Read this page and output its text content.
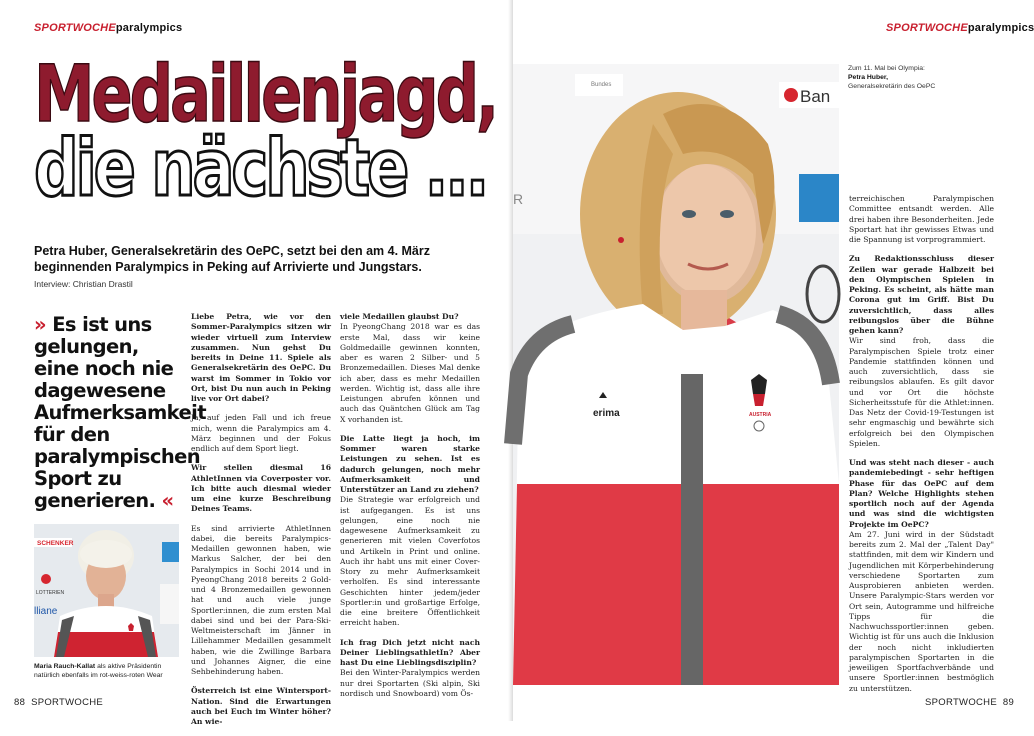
SPORTWOCHEparalympics
Medaillenjagd,
die nächste ...

Petra Huber, Generalsekretärin des OePC, setzt bei den am 4. März beginnenden Paralympics in Peking auf Arrivierte und Jungstars.

Interview: Christian Drastil

» Es ist uns gelungen, eine noch nie dagewesene Aufmerksamkeit für den paralympischen Sport zu generieren. «
SCHENKER
LOTTERIEN
lliane

Maria Rauch-Kallat als aktive Präsidentin natürlich ebenfalls im rot-weiss-roten Wear

Liebe Petra, wie vor den Sommer-Paralympics sitzen wir wieder virtuell zum Interview zusammen. Nun gehst Du bereits in Deine 11. Spiele als Generalsekretärin des OePC. Du warst im Sommer in Tokio vor Ort, bist Du nun auch in Peking live vor Ort dabei?

Ja, auf jeden Fall und ich freue mich, wenn die Paralympics am 4. März beginnen und der Fokus endlich auf dem Sport liegt.

Wir stellen diesmal 16 AthletInnen via Coverposter vor. Ich bitte auch diesmal wieder um eine kurze Beschreibung Deines Teams.

Es sind arrivierte AthletInnen dabei, die bereits Paralympics-Medaillen gewonnen haben, wie Markus Salcher, der bei den Paralympics in Sochi 2014 und in PyeongChang 2018 bereits 2 Gold- und 4 Bronzemedaillen gewonnen hat und auch viele junge Sportler:innen, die zum ersten Mal dabei sind und bei der Para-Ski-Weltmeisterschaft im Jänner in Lillehammer Medaillen gesammelt haben, wie die Zwillinge Barbara und Johannes Aigner, die eine Sehbehinderung haben.

Österreich ist eine Wintersport-Nation. Sind die Erwartungen auch bei Euch im Winter höher? An wie-

viele Medaillen glaubst Du?

In PyeongChang 2018 war es das erste Mal, dass wir keine Goldmedaille gewinnen konnten, aber es waren 2 Silber- und 5 Bronzemedaillen. Dieses Mal denke ich aber, dass es mehr Medaillen werden. Wichtig ist, dass alle ihre Leistungen abrufen können und auch das Quäntchen Glück am Tag X vorhanden ist.

Die Latte liegt ja hoch, im Sommer waren starke Leistungen zu sehen. Ist es dadurch gelungen, noch mehr Aufmerksamkeit und Unterstützer an Land zu ziehen?

Die Strategie war erfolgreich und ist aufgegangen. Es ist uns gelungen, eine noch nie dagewesene Aufmerksamkeit zu generieren mit vielen Coverfotos und Artikeln in Print und online. Auch ihr habt uns mit einer Cover-Story zu mehr Aufmerksamkeit verholfen. Es sind interessante Geschichten hinter jedem/jeder Sportler:in und großartige Erfolge, die eine breitere Öffentlichkeit erreicht haben.

Ich frag Dich jetzt nicht nach Deiner LieblingsathletIn? Aber hast Du eine Lieblingsdisziplin?

Bei den Winter-Paralympics werden nur drei Sportarten (Ski alpin, Ski nordisch und Snowboard) vom Ös-

88 SPORTWOCHE
SPORTWOCHEparalympics
SPORTWOCHE 89
Bundes
Ban
R
AUSTRIA
erima

Zum 11. Mal bei Olympia: Petra Huber, Generalsekretärin des OePC

terreichischen Paralympischen Committee entsandt werden. Alle drei haben ihre Besonderheiten. Jede Sportart hat ihr gewisses Etwas und die Spannung ist vorprogrammiert.

Zu Redaktionsschluss dieser Zeilen war gerade Halbzeit bei den Olympischen Spielen in Peking. Es scheint, als hätte man Corona gut im Griff. Bist Du zuversichtlich, dass alles reibungslos über die Bühne gehen kann?

Wir sind froh, dass die Paralympischen Spiele trotz einer Pandemie stattfinden können und auch zuversichtlich, dass sie reibungslos ablaufen. Es gilt davor und vor Ort die höchste Sicherheitsstufe für die Athlet:innen. Das Netz der Covid-19-Testungen ist sehr engmaschig und bewährte sich erfolgreich bei den Olympischen Spielen.

Und was steht nach dieser - auch pandemiebedingt - sehr heftigen Phase für das OePC auf dem Plan? Welche Highlights stehen sportlich noch auf der Agenda und was sind die wichtigsten Projekte im OePC?

Am 27. Juni wird in der Südstadt bereits zum 2. Mal der „Talent Day" stattfinden, mit dem wir Kindern und Jugendlichen mit Körperbehinderung verschiedene Sportarten zum Ausprobieren anbieten werden. Unsere Paralympic-Stars werden vor Ort sein, Autogramme und hilfreiche Tipps für die Nachwuchssportler:innen geben. Wichtig ist für uns auch die Inklusion der noch nicht inkludierten paralympischen Sportarten in die jeweiligen Sportfachverbände und unsere Sportler:innen bestmöglich zu unterstützen.
